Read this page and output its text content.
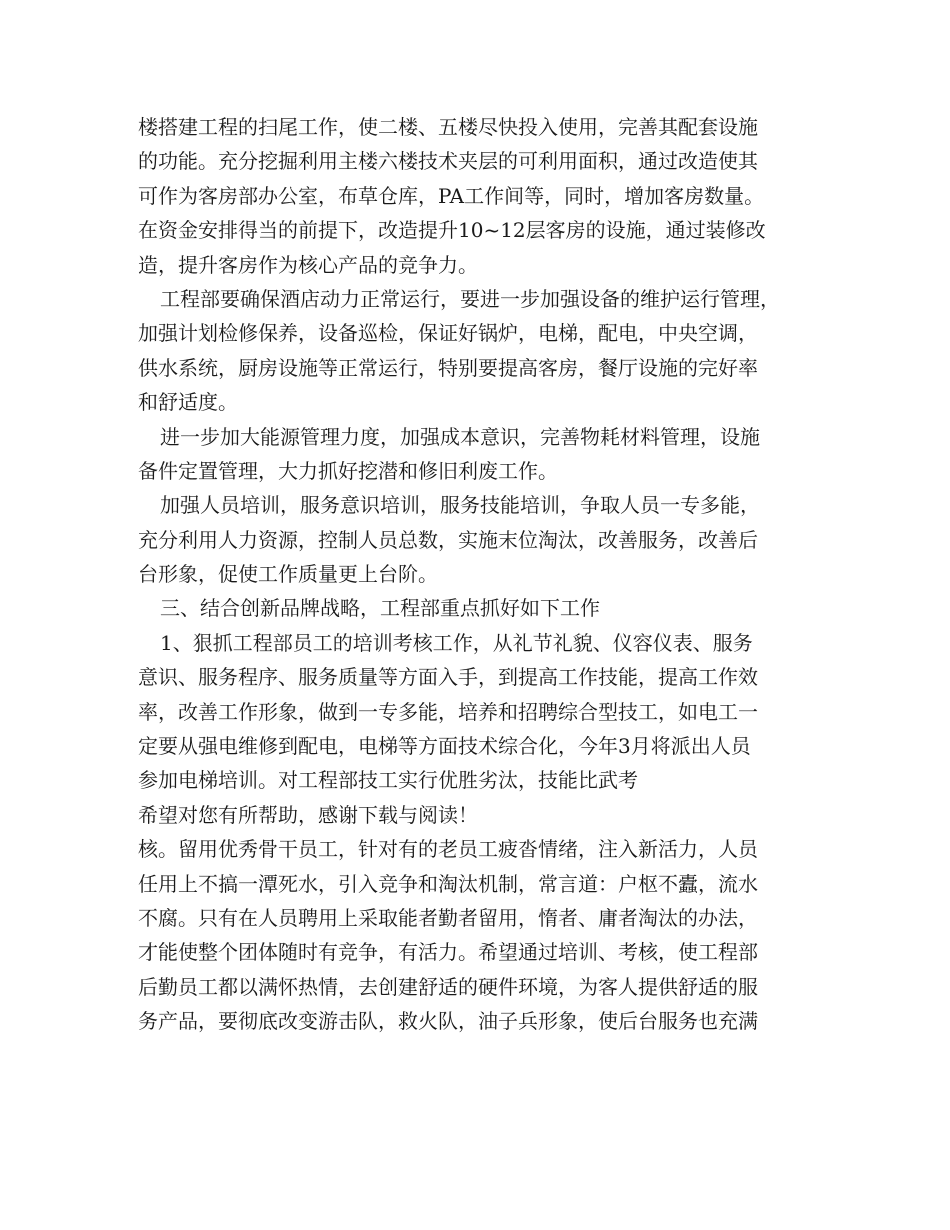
楼搭建工程的扫尾工作，使二楼、五楼尽快投入使用，完善其配套设施
的功能。充分挖掘利用主楼六楼技术夹层的可利用面积，通过改造使其
可作为客房部办公室，布草仓库，PA工作间等，同时，增加客房数量。
在资金安排得当的前提下，改造提升10~12层客房的设施，通过装修改
造，提升客房作为核心产品的竞争力。
工程部要确保酒店动力正常运行，要进一步加强设备的维护运行管理，
加强计划检修保养，设备巡检，保证好锅炉，电梯，配电，中央空调，
供水系统，厨房设施等正常运行，特别要提高客房，餐厅设施的完好率
和舒适度。
进一步加大能源管理力度，加强成本意识，完善物耗材料管理，设施
备件定置管理，大力抓好挖潜和修旧利废工作。
加强人员培训，服务意识培训，服务技能培训，争取人员一专多能，
充分利用人力资源，控制人员总数，实施末位淘汰，改善服务，改善后
台形象，促使工作质量更上台阶。
三、结合创新品牌战略，工程部重点抓好如下工作
1、狠抓工程部员工的培训考核工作，从礼节礼貌、仪容仪表、服务
意识、服务程序、服务质量等方面入手，到提高工作技能，提高工作效
率，改善工作形象，做到一专多能，培养和招聘综合型技工，如电工一
定要从强电维修到配电，电梯等方面技术综合化，今年3月将派出人员
参加电梯培训。对工程部技工实行优胜劣汰，技能比武考
希望对您有所帮助，感谢下载与阅读！
核。留用优秀骨干员工，针对有的老员工疲沓情绪，注入新活力，人员
任用上不搞一潭死水，引入竞争和淘汰机制，常言道：户枢不蠹，流水
不腐。只有在人员聘用上采取能者勤者留用，惰者、庸者淘汰的办法，
才能使整个团体随时有竞争，有活力。希望通过培训、考核，使工程部
后勤员工都以满怀热情，去创建舒适的硬件环境，为客人提供舒适的服
务产品，要彻底改变游击队，救火队，油子兵形象，使后台服务也充满
